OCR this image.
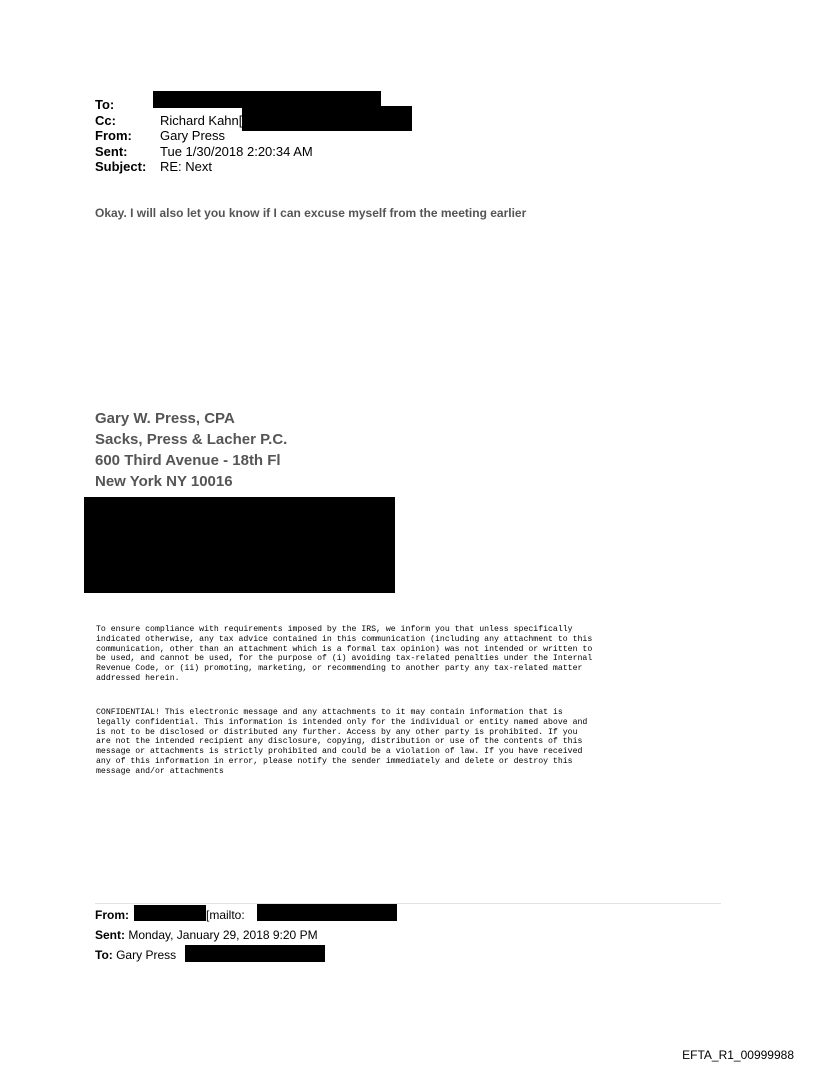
To:
Cc:	Richard Kahn[
From:	Gary Press
Sent:	Tue 1/30/2018 2:20:34 AM
Subject:	RE: Next
Okay. I will also let you know if I can excuse myself from the meeting earlier
Gary W. Press, CPA
Sacks, Press & Lacher P.C.
600 Third Avenue - 18th Fl
New York NY 10016
To ensure compliance with requirements imposed by the IRS, we inform you that unless specifically
indicated otherwise, any tax advice contained in this communication (including any attachment to this
communication, other than an attachment which is a formal tax opinion) was not intended or written to
be used, and cannot be used, for the purpose of (i) avoiding tax-related penalties under the Internal
Revenue Code, or (ii) promoting, marketing, or recommending to another party any tax-related matter
addressed herein.
CONFIDENTIAL! This electronic message and any attachments to it may contain information that is
legally confidential. This information is intended only for the individual or entity named above and
is not to be disclosed or distributed any further. Access by any other party is prohibited. If you
are not the intended recipient any disclosure, copying, distribution or use of the contents of this
message or attachments is strictly prohibited and could be a violation of law. If you have received
any of this information in error, please notify the sender immediately and delete or destroy this
message and/or attachments
From:	[mailto:
Sent: Monday, January 29, 2018 9:20 PM
To: Gary Press
EFTA_R1_00999988
